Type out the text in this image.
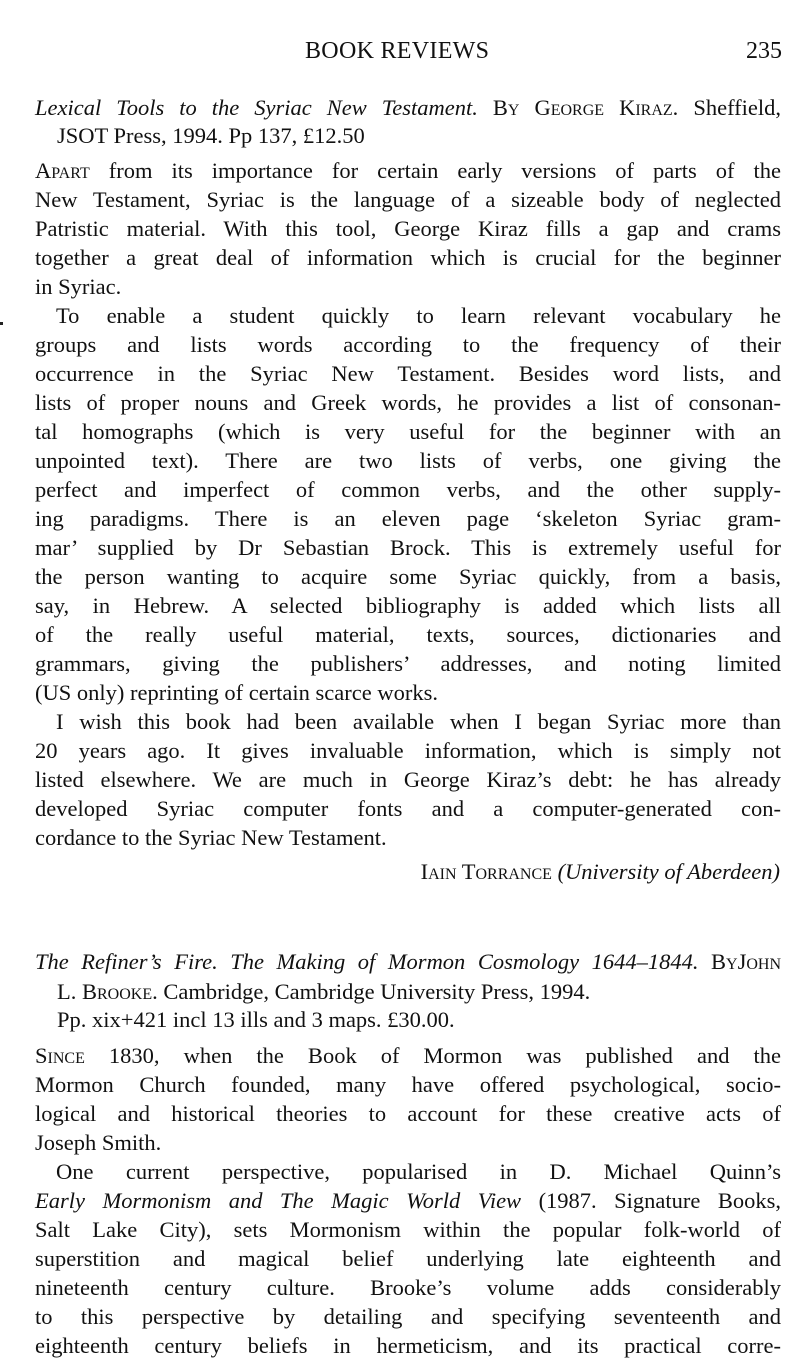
BOOK REVIEWS	235
Lexical Tools to the Syriac New Testament. By George Kiraz. Sheffield,
JSOT Press, 1994. Pp 137, £12.50
Apart from its importance for certain early versions of parts of the
New Testament, Syriac is the language of a sizeable body of neglected
Patristic material. With this tool, George Kiraz fills a gap and crams
together a great deal of information which is crucial for the beginner
in Syriac.
To enable a student quickly to learn relevant vocabulary he
groups and lists words according to the frequency of their
occurrence in the Syriac New Testament. Besides word lists, and
lists of proper nouns and Greek words, he provides a list of consonan-
tal homographs (which is very useful for the beginner with an
unpointed text). There are two lists of verbs, one giving the
perfect and imperfect of common verbs, and the other supply-
ing paradigms. There is an eleven page ‘skeleton Syriac gram-
mar’ supplied by Dr Sebastian Brock. This is extremely useful for
the person wanting to acquire some Syriac quickly, from a basis,
say, in Hebrew. A selected bibliography is added which lists all
of the really useful material, texts, sources, dictionaries and
grammars, giving the publishers’ addresses, and noting limited
(US only) reprinting of certain scarce works.
I wish this book had been available when I began Syriac more than
20 years ago. It gives invaluable information, which is simply not
listed elsewhere. We are much in George Kiraz’s debt: he has already
developed Syriac computer fonts and a computer-generated con-
cordance to the Syriac New Testament.
Iain Torrance (University of Aberdeen)
The Refiner’s Fire. The Making of Mormon Cosmology 1644–1844. ByJohn
L. Brooke. Cambridge, Cambridge University Press, 1994.
Pp. xix+421 incl 13 ills and 3 maps. £30.00.
Since 1830, when the Book of Mormon was published and the
Mormon Church founded, many have offered psychological, socio-
logical and historical theories to account for these creative acts of
Joseph Smith.
One current perspective, popularised in D. Michael Quinn’s
Early Mormonism and The Magic World View (1987. Signature Books,
Salt Lake City), sets Mormonism within the popular folk-world of
superstition and magical belief underlying late eighteenth and
nineteenth century culture. Brooke’s volume adds considerably
to this perspective by detailing and specifying seventeenth and
eighteenth century beliefs in hermeticism, and its practical corre-
